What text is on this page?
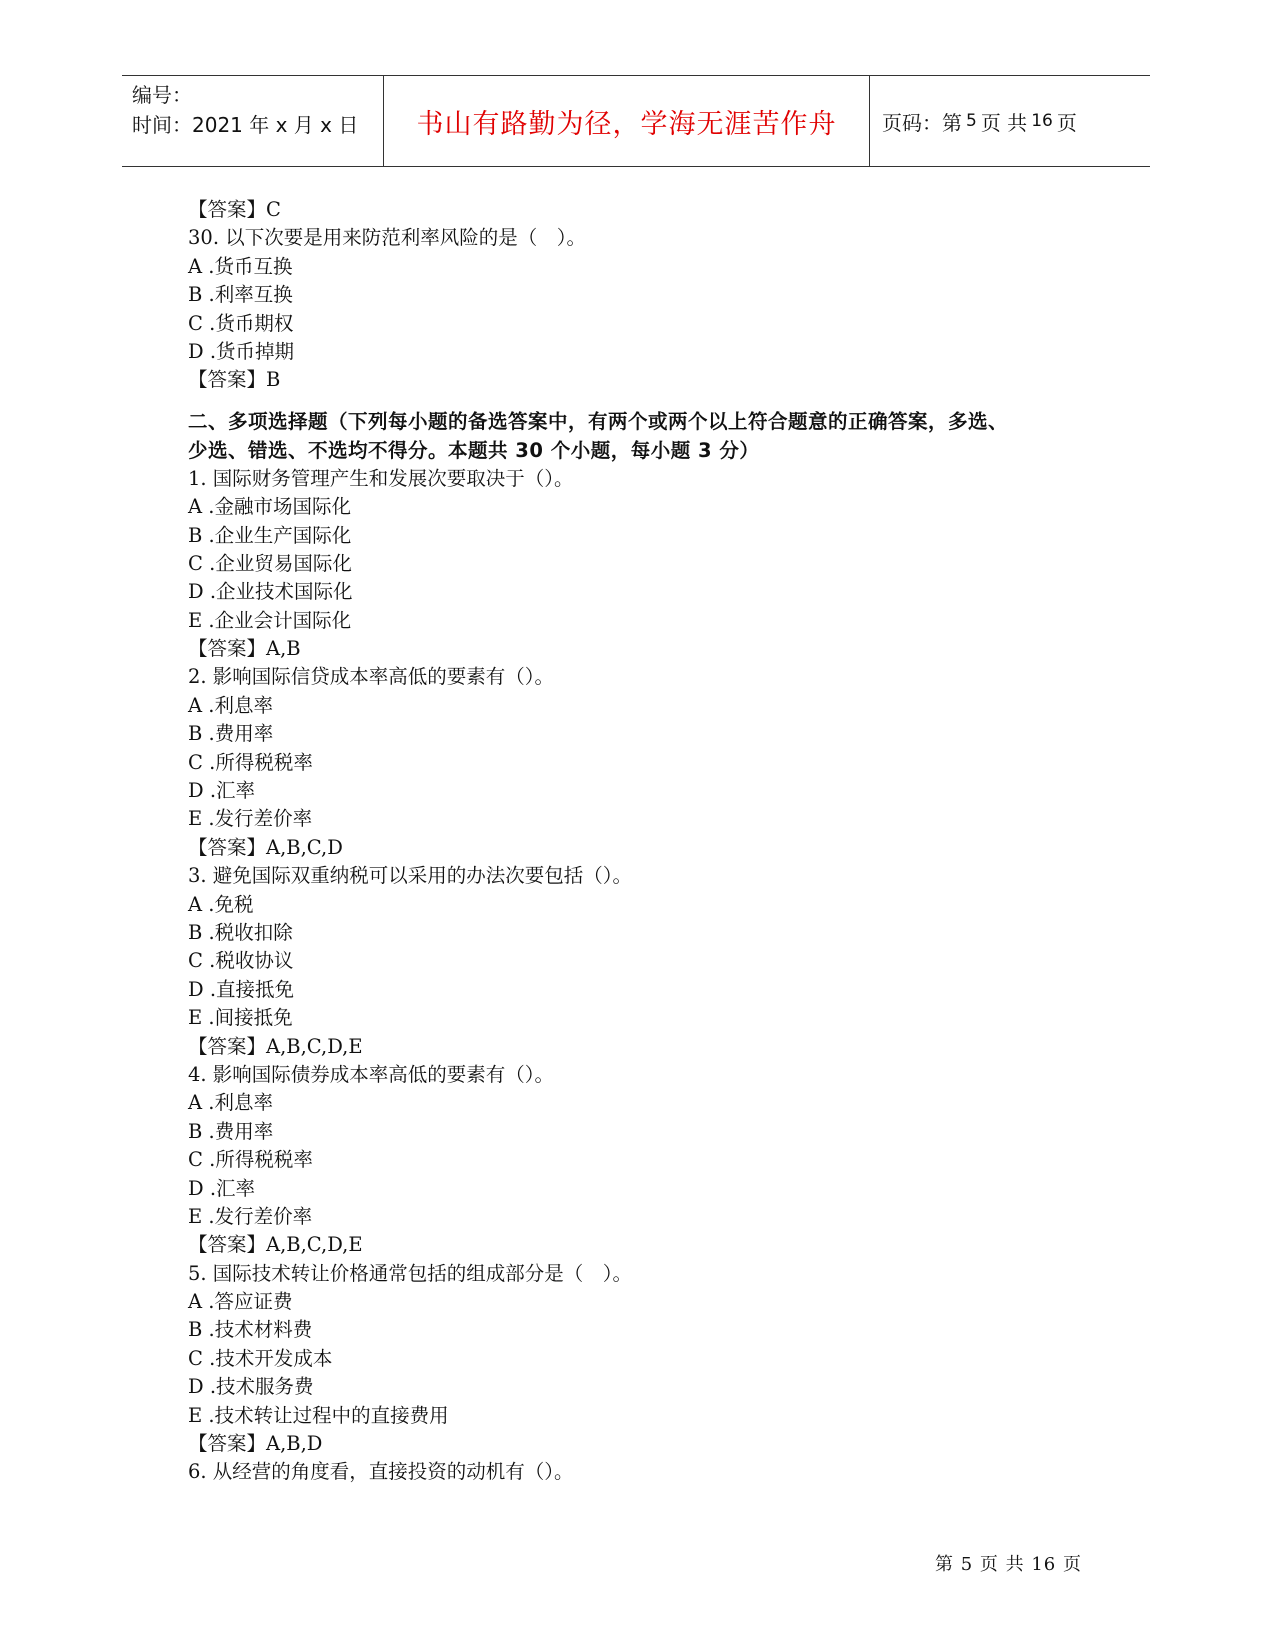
编号：
时间：2021 年 x 月 x 日	书山有路勤为径，学海无涯苦作舟	页码：第 5 页 共 16 页
【答案】C
30. 以下次要是用来防范利率风险的是（　）。
A .货币互换
B .利率互换
C .货币期权
D .货币掉期
【答案】B
二、多项选择题（下列每小题的备选答案中，有两个或两个以上符合题意的正确答案，多选、
少选、错选、不选均不得分。本题共 30 个小题，每小题 3 分）
1. 国际财务管理产生和发展次要取决于（）。
A .金融市场国际化
B .企业生产国际化
C .企业贸易国际化
D .企业技术国际化
E .企业会计国际化
【答案】A,B
2. 影响国际信贷成本率高低的要素有（）。
A .利息率
B .费用率
C .所得税税率
D .汇率
E .发行差价率
【答案】A,B,C,D
3. 避免国际双重纳税可以采用的办法次要包括（）。
A .免税
B .税收扣除
C .税收协议
D .直接抵免
E .间接抵免
【答案】A,B,C,D,E
4. 影响国际债券成本率高低的要素有（）。
A .利息率
B .费用率
C .所得税税率
D .汇率
E .发行差价率
【答案】A,B,C,D,E
5. 国际技术转让价格通常包括的组成部分是（　）。
A .答应证费
B .技术材料费
C .技术开发成本
D .技术服务费
E .技术转让过程中的直接费用
【答案】A,B,D
6. 从经营的角度看，直接投资的动机有（）。
第 5 页 共 16 页
